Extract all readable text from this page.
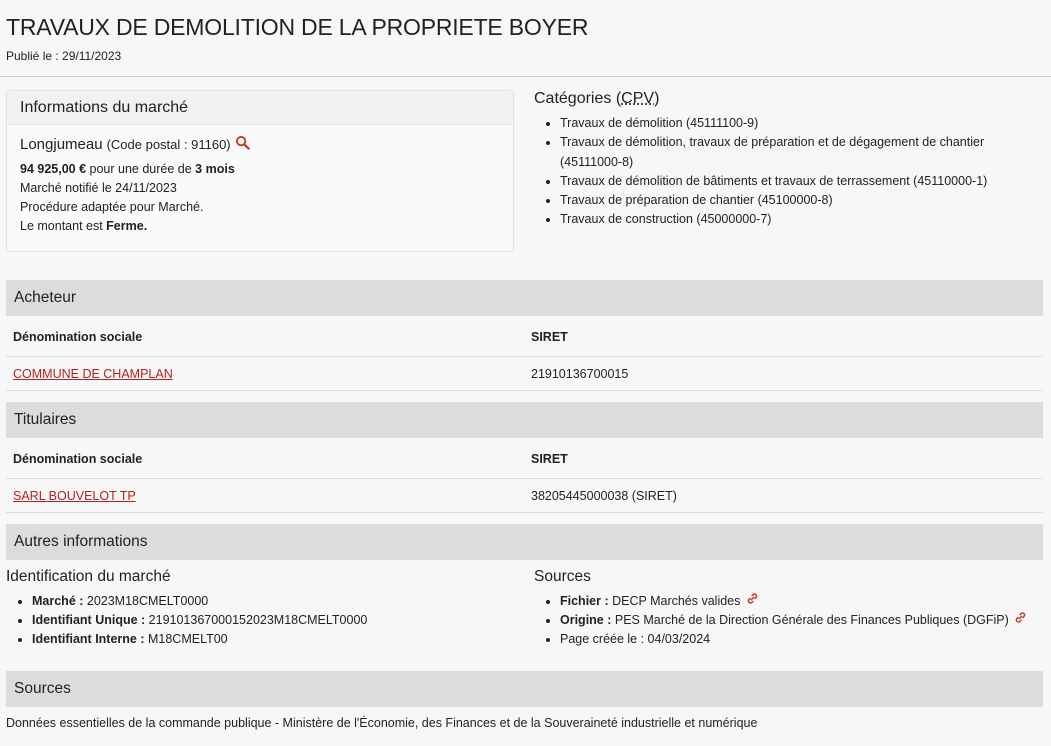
TRAVAUX DE DEMOLITION DE LA PROPRIETE BOYER
Publié le : 29/11/2023
Informations du marché
Longjumeau (Code postal : 91160)
94 925,00 € pour une durée de 3 mois
Marché notifié le 24/11/2023
Procédure adaptée pour Marché.
Le montant est Ferme.
Catégories (CPV)
• Travaux de démolition (45111100-9)
• Travaux de démolition, travaux de préparation et de dégagement de chantier (45111000-8)
• Travaux de démolition de bâtiments et travaux de terrassement (45110000-1)
• Travaux de préparation de chantier (45100000-8)
• Travaux de construction (45000000-7)
Acheteur
Dénomination sociale	SIRET
COMMUNE DE CHAMPLAN	21910136700015
Titulaires
Dénomination sociale	SIRET
SARL BOUVELOT TP	38205445000038 (SIRET)
Autres informations
Identification du marché
• Marché : 2023M18CMELT0000
• Identifiant Unique : 219101367000152023M18CMELT0000
• Identifiant Interne : M18CMELT00
Sources
• Fichier : DECP Marchés valides
• Origine : PES Marché de la Direction Générale des Finances Publiques (DGFiP)
• Page créée le : 04/03/2024
Sources
Données essentielles de la commande publique - Ministère de l'Économie, des Finances et de la Souveraineté industrielle et numérique
